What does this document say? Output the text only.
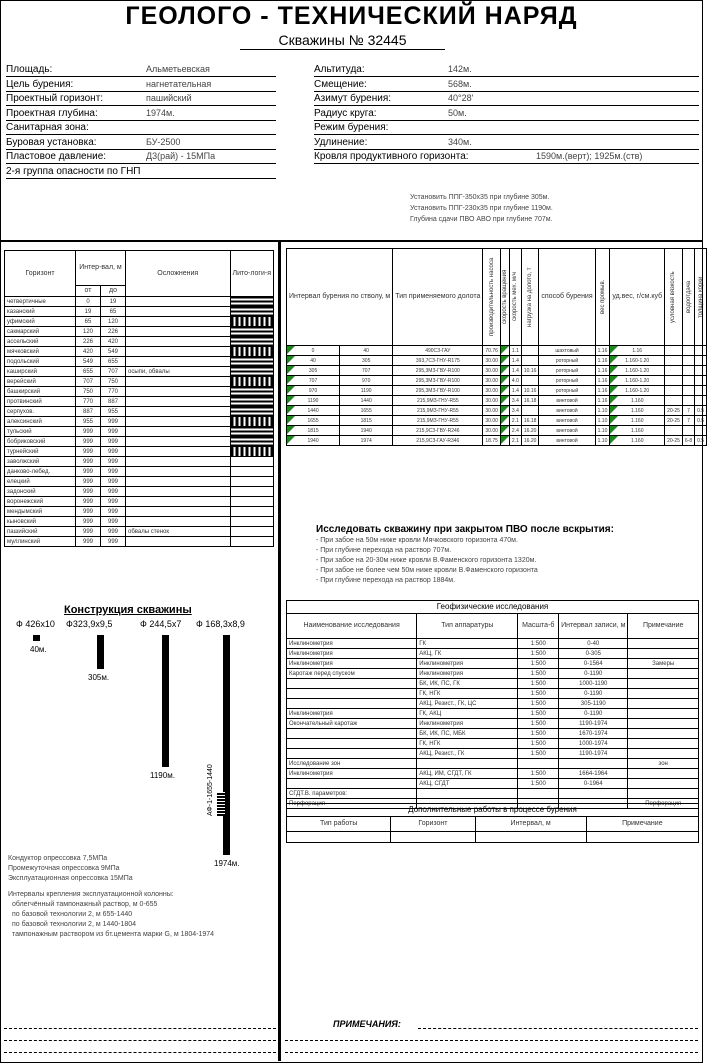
ГЕОЛОГО - ТЕХНИЧЕСКИЙ НАРЯД
Скважины № 32445
Площадь:	Альметьевская
Цель бурения:	нагнетательная
Проектный горизонт:	пашийский
Проектная глубина:	1974м.
Санитарная зона:
Буровая установка:	БУ-2500
Пластовое давление:	Д3(рай) - 15МПа
2-я группа опасности по ГНП
Альтитуда:	142м.
Смещение:	568м.
Азимут бурения:	40°28'
Радиус круга:	50м.
Режим бурения:
Удлинение:	340м.
Кровля продуктивного горизонта:	1590м.(верт); 1925м.(ств)
Установить ППГ-350х35 при глубине 305м.
Установить ППГ-230х35 при глубине 1190м.
Глубина сдачи ПВО АВО при глубине 707м.
Горизонт	Интер-вал, м		Осложнения	Лито-логи-я
	от	до		
четвертичные	0	19		
казанский	19	65		
уфимский	65	120		
сакмарский	120	226		
ассельский	226	420		
мячковский	420	549		
подольский	549	655		
каширский	655	707	осыпи, обвалы	
верейский	707	750		
башкирский	750	770		
протвинский	770	887		
серпухов.	887	955		
алексинский	955	999		
тульский	999	999		
бобриковский	999	999		
турнейский	999	999		
заволжский	999	999		
данково-лебед.	999	999		
елецкий	999	999		
задонский	999	999		
воронежский	999	999		
мендымский	999	999		
кыновский	999	999		
пашийский	999	999	обвалы стенок	
муллинский	999	999		
Интервал бурения по стволу, м		Тип применяемого долота	производительность насоса	скорость вращения	скорость мех. м/ч	нагрузка на долото, т	способ бурения	вес промыв.	уд.вес, г/см.куб	условная вязкость	водоотдача	толщина корки

0	40	490СЗ-ГАУ	70.76		1.1		шахтовый	1.16	1.16			
40	305	393,7СЗ-ГНУ-R175	30.00		1.4		роторный	1.16	1.160-1.20			
305	707	295,3МЗ-ГВУ-R100	30.00		1.4	10.16	роторный	1.16	1.160-1.20			
707	970	295,3МЗ-ГВУ-R100	30.00		4.0		роторный	1.16	1.160-1.20			
970	1190	295,3МЗ-ГВУ-R100	30.00		1.4	10.16	роторный	1.16	1.160-1.20			
1190	1440	215,9МЗ-ГНУ-R55	30.00		3.4	16.18	винтовой	1.16	1.160			
1440	1655	215,9МЗ-ГНУ-R55	30.00		3.4		винтовой	1.10	1.160	20-25	7	0.5
1655	1815	215,9МЗ-ГНУ-R55	30.00		2.1	16.18	винтовой	1.10	1.160	20-25	7	0.5
1815	1940	215,9СЗ-ГВУ-R246	30.00		2.4	16.20	винтовой	1.10	1.160			
1940	1974	215,9СЗ-ГАУ-R346	18.75		2.1	16.20	винтовой	1.10	1.160	20-25	6-8	0.5
Исследовать скважину при закрытом ПВО после вскрытия:
- При забое на 50м ниже кровли Мячковского горизонта 470м.
- При глубине перехода на раствор 707м.
- При забое на 20-30м ниже кровли В.Фаменского горизонта 1320м.
- При забое не более чем 50м ниже кровли В.Фаменского горизонта
- При глубине перехода на раствор 1884м.
Конструкция скважины
Ф 426х10
40м.
Ф323,9х9,5
305м.
Ф 244,5х7
1190м.
Ф 168,3х8,9
1974м.
АФ-1-1655-1440
Кондуктор опрессовка 7,5МПа
Промежуточная опрессовка 9МПа
Эксплуатационная опрессовка 15МПа
Интервалы крепления эксплуатационной колонны:
облегчённый тампонажный раствор, м 0-655
по базовой технологии 2, м 655-1440
по базовой технологии 2, м 1440-1804
тампонажным раствором из бт.цемента марки G, м 1804-1974
Геофизические исследования				
Наименование исследования	Тип аппаратуры	Масшта-б	Интервал записи, м	Примечание
Инклинометрия	ГК	1:500	0-40	
Инклинометрия	АКЦ, ГК	1:500	0-305	
Инклинометрия	Инклинометрия	1:500	0-1564	Замеры
Каротаж перед спуском	Инклинометрия	1:500	0-1190	
	БК, ИК, ПС, ГК	1:500	1000-1190	
	ГК, НГК	1:500	0-1190	
	АКЦ, Резист., ГК, ЦС	1:500	305-1190	
Инклинометрия	ГК, АКЦ	1:500	0-1190	
Окончательный каротаж	Инклинометрия	1:500	1190-1974	
	БК, ИК, ПС, МБК	1:500	1670-1974	
	ГК, НГК	1:500	1000-1974	
	АКЦ, Резист., ГК	1:500	1190-1974	
Исследование зон				зон
Инклинометрия	АКЦ, ИМ, СГДТ, ГК	1:500	1664-1964	
	АКЦ, СГДТ	1:500	0-1964	
СГДТ.В. параметров:				
Перфорация				Перфорация
Дополнительные работы в процессе бурения			
Тип работы	Горизонт	Интервал, м	Примечание

ПРИМЕЧАНИЯ:
